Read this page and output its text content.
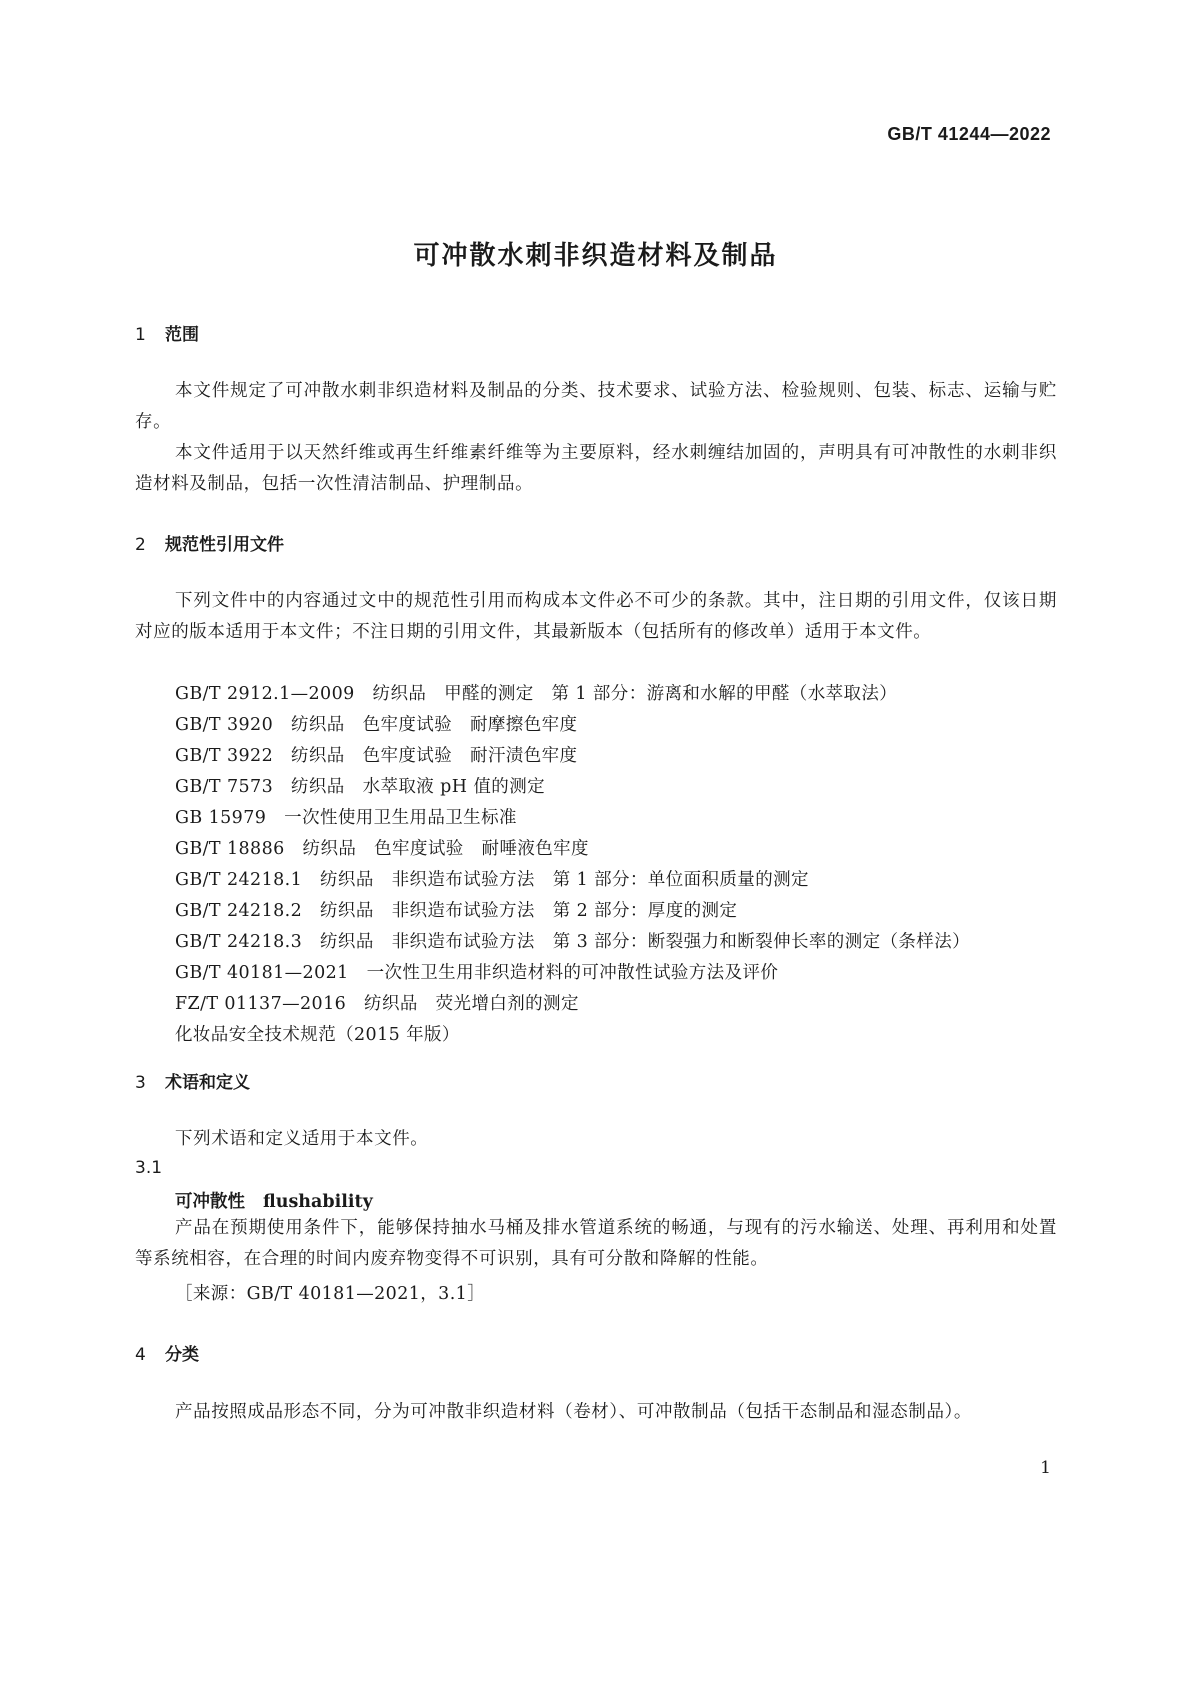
GB/T 41244—2022
可冲散水刺非织造材料及制品
1 范围
本文件规定了可冲散水刺非织造材料及制品的分类、技术要求、试验方法、检验规则、包装、标志、运输与贮存。
本文件适用于以天然纤维或再生纤维素纤维等为主要原料，经水刺缠结加固的，声明具有可冲散性的水刺非织造材料及制品，包括一次性清洁制品、护理制品。
2 规范性引用文件
下列文件中的内容通过文中的规范性引用而构成本文件必不可少的条款。其中，注日期的引用文件，仅该日期对应的版本适用于本文件；不注日期的引用文件，其最新版本（包括所有的修改单）适用于本文件。
GB/T 2912.1—2009　纺织品　甲醛的测定　第 1 部分：游离和水解的甲醛（水萃取法）
GB/T 3920　纺织品　色牢度试验　耐摩擦色牢度
GB/T 3922　纺织品　色牢度试验　耐汗渍色牢度
GB/T 7573　纺织品　水萃取液 pH 值的测定
GB 15979　一次性使用卫生用品卫生标准
GB/T 18886　纺织品　色牢度试验　耐唾液色牢度
GB/T 24218.1　纺织品　非织造布试验方法　第 1 部分：单位面积质量的测定
GB/T 24218.2　纺织品　非织造布试验方法　第 2 部分：厚度的测定
GB/T 24218.3　纺织品　非织造布试验方法　第 3 部分：断裂强力和断裂伸长率的测定（条样法）
GB/T 40181—2021　一次性卫生用非织造材料的可冲散性试验方法及评价
FZ/T 01137—2016　纺织品　荧光增白剂的测定
化妆品安全技术规范（2015 年版）
3 术语和定义
下列术语和定义适用于本文件。
3.1
可冲散性 flushability
产品在预期使用条件下，能够保持抽水马桶及排水管道系统的畅通，与现有的污水输送、处理、再利用和处置等系统相容，在合理的时间内废弃物变得不可识别，具有可分散和降解的性能。
［来源：GB/T 40181—2021，3.1］
4 分类
产品按照成品形态不同，分为可冲散非织造材料（卷材）、可冲散制品（包括干态制品和湿态制品）。
1
